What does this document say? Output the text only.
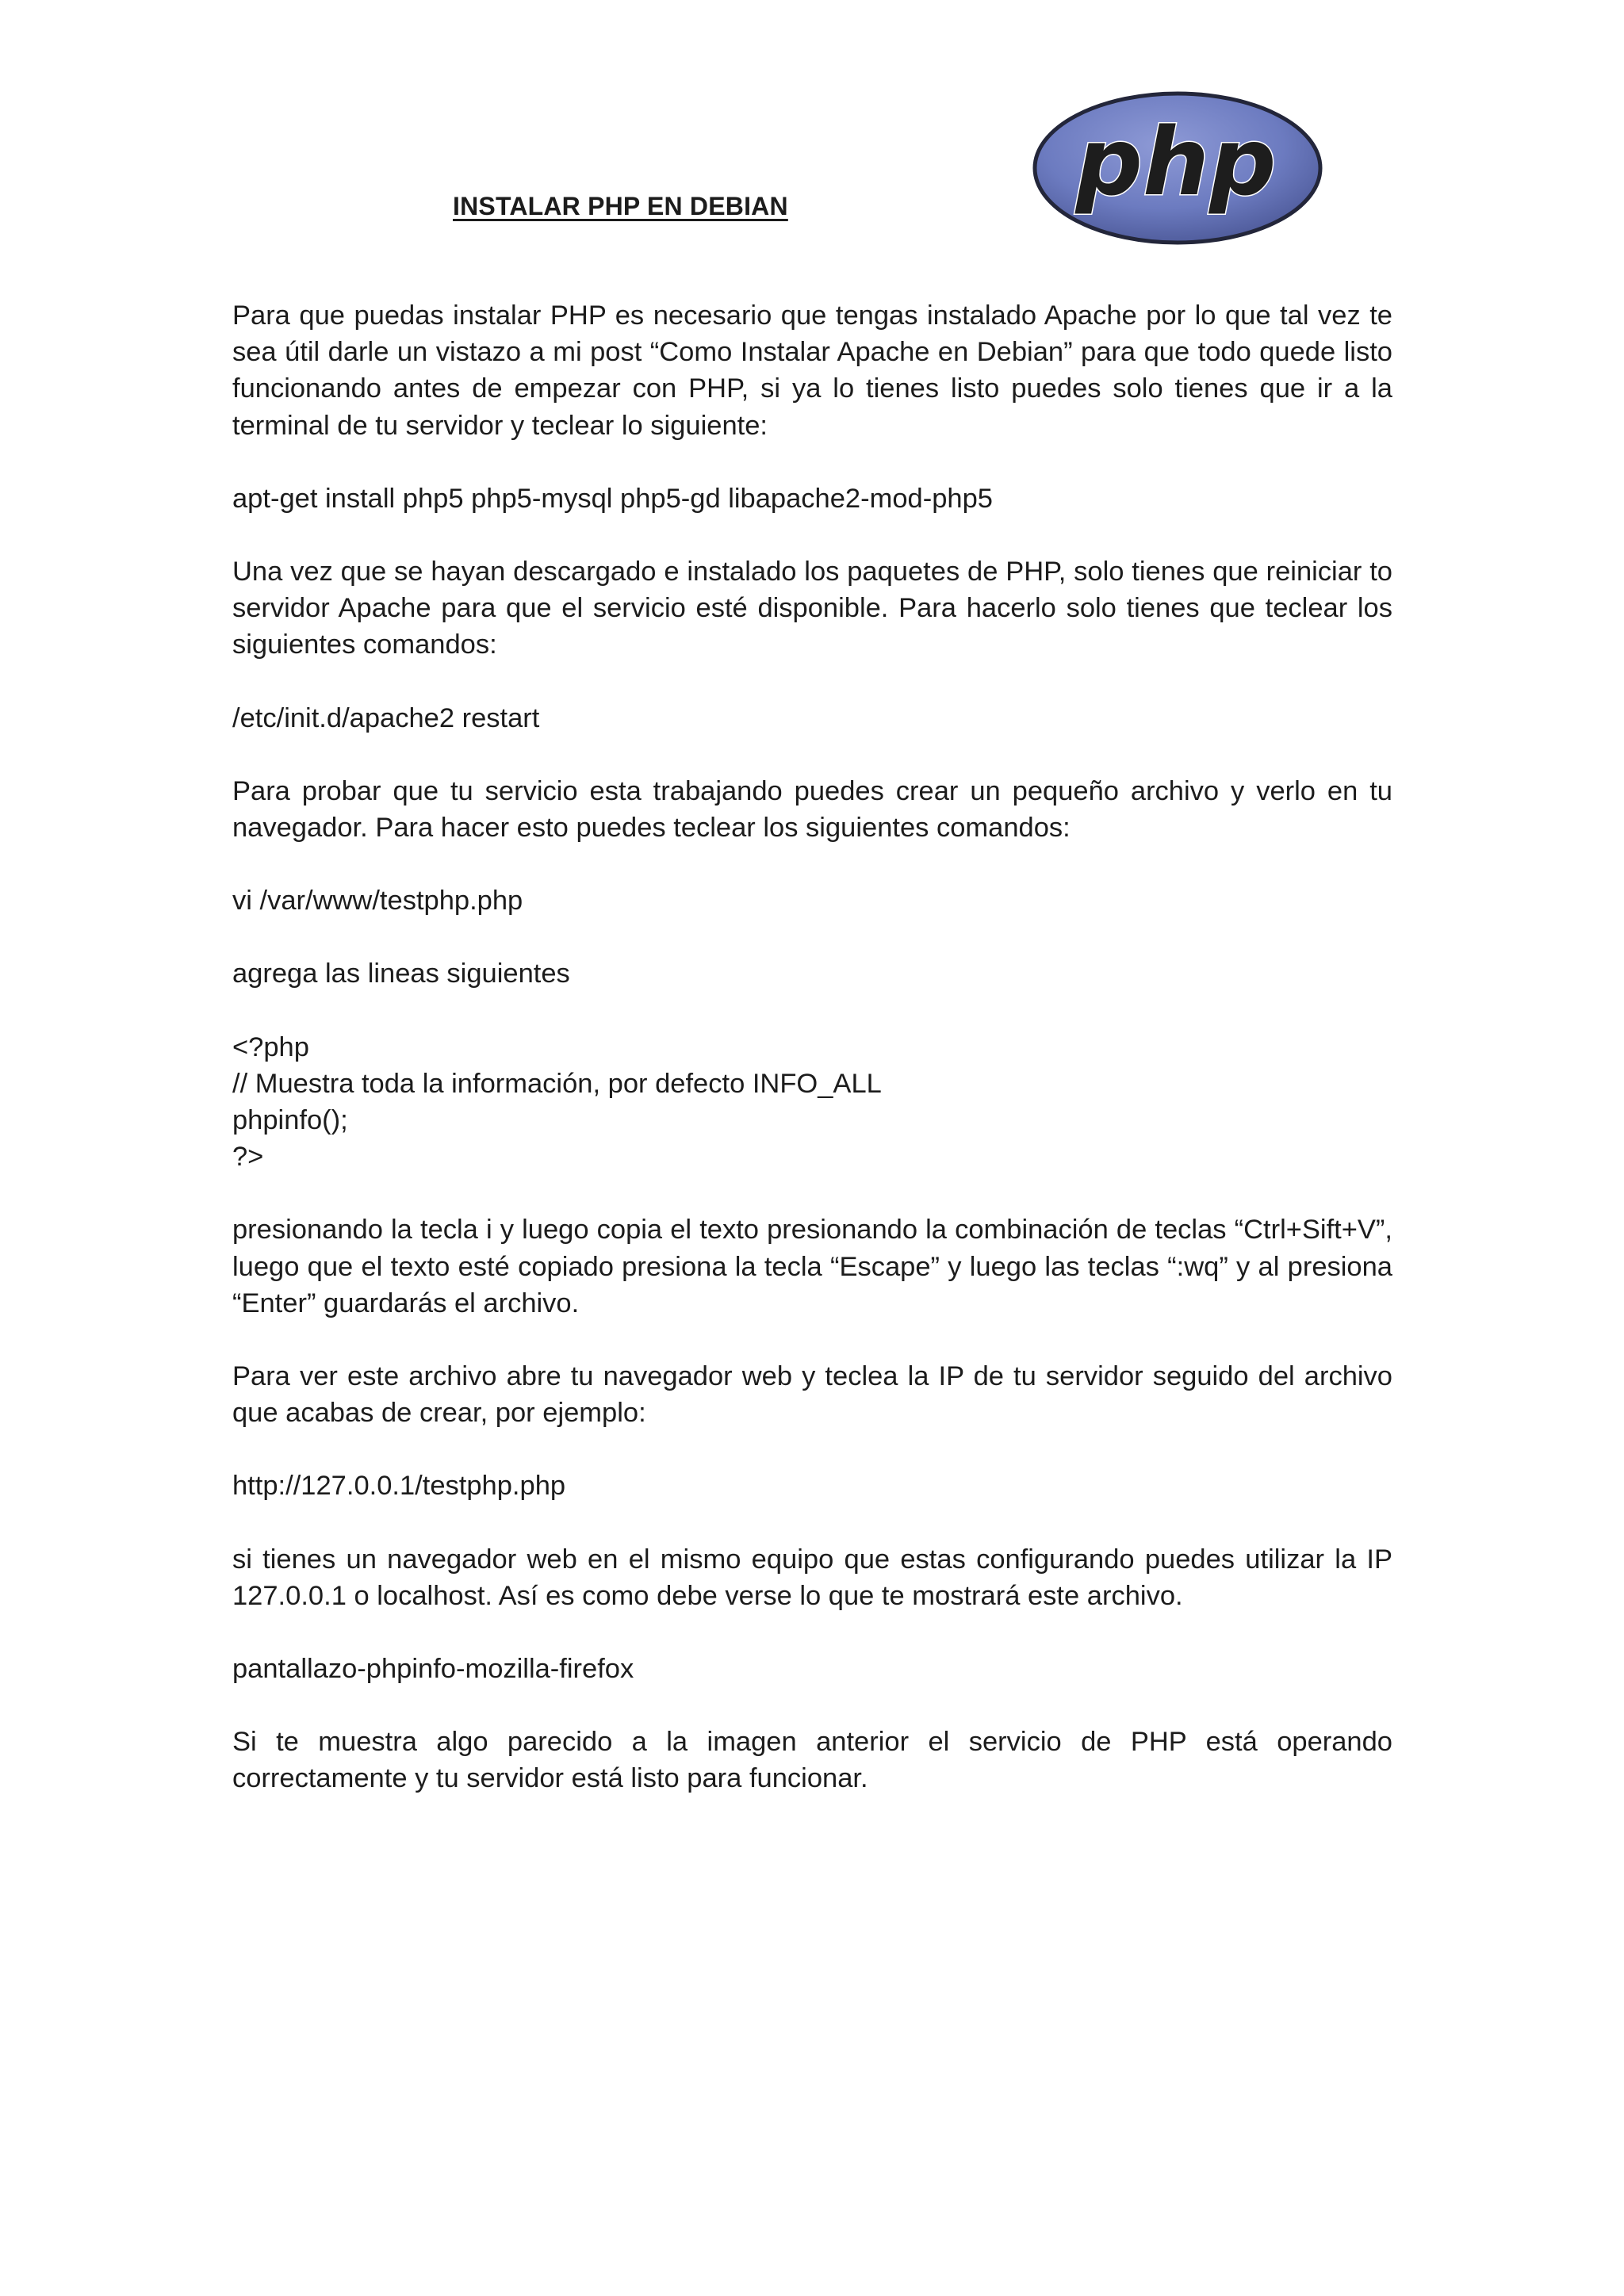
INSTALAR PHP EN DEBIAN	php

Para que puedas instalar PHP es necesario que tengas instalado Apache por lo que tal vez te sea útil darle un vistazo a mi post “Como Instalar Apache en Debian” para que todo quede listo funcionando antes de empezar con PHP, si ya lo tienes listo puedes solo tienes que ir a la terminal de tu servidor y teclear lo siguiente:

apt-get install php5 php5-mysql php5-gd libapache2-mod-php5

Una vez que se hayan descargado e instalado los paquetes de PHP, solo tienes que reiniciar to servidor Apache para que el servicio esté disponible. Para hacerlo solo tienes que teclear los siguientes comandos:

/etc/init.d/apache2 restart

Para probar que tu servicio esta trabajando puedes crear un pequeño archivo y verlo en tu navegador. Para hacer esto puedes teclear los siguientes comandos:

vi /var/www/testphp.php
agrega las lineas siguientes
<?php
// Muestra toda la información, por defecto INFO_ALL
phpinfo();
?>

presionando la tecla i y luego copia el texto presionando la combinación de teclas “Ctrl+Sift+V”, luego que el texto esté copiado presiona la tecla “Escape” y luego las teclas “:wq” y al presiona “Enter” guardarás el archivo.

Para ver este archivo abre tu navegador web y teclea la IP de tu servidor seguido del archivo que acabas de crear, por ejemplo:

http://127.0.0.1/testphp.php

si tienes un navegador web en el mismo equipo que estas configurando puedes utilizar la IP 127.0.0.1 o localhost. Así es como debe verse lo que te mostrará este archivo.

pantallazo-phpinfo-mozilla-firefox

Si te muestra algo parecido a la imagen anterior el servicio de PHP está operando correctamente y tu servidor está listo para funcionar.
